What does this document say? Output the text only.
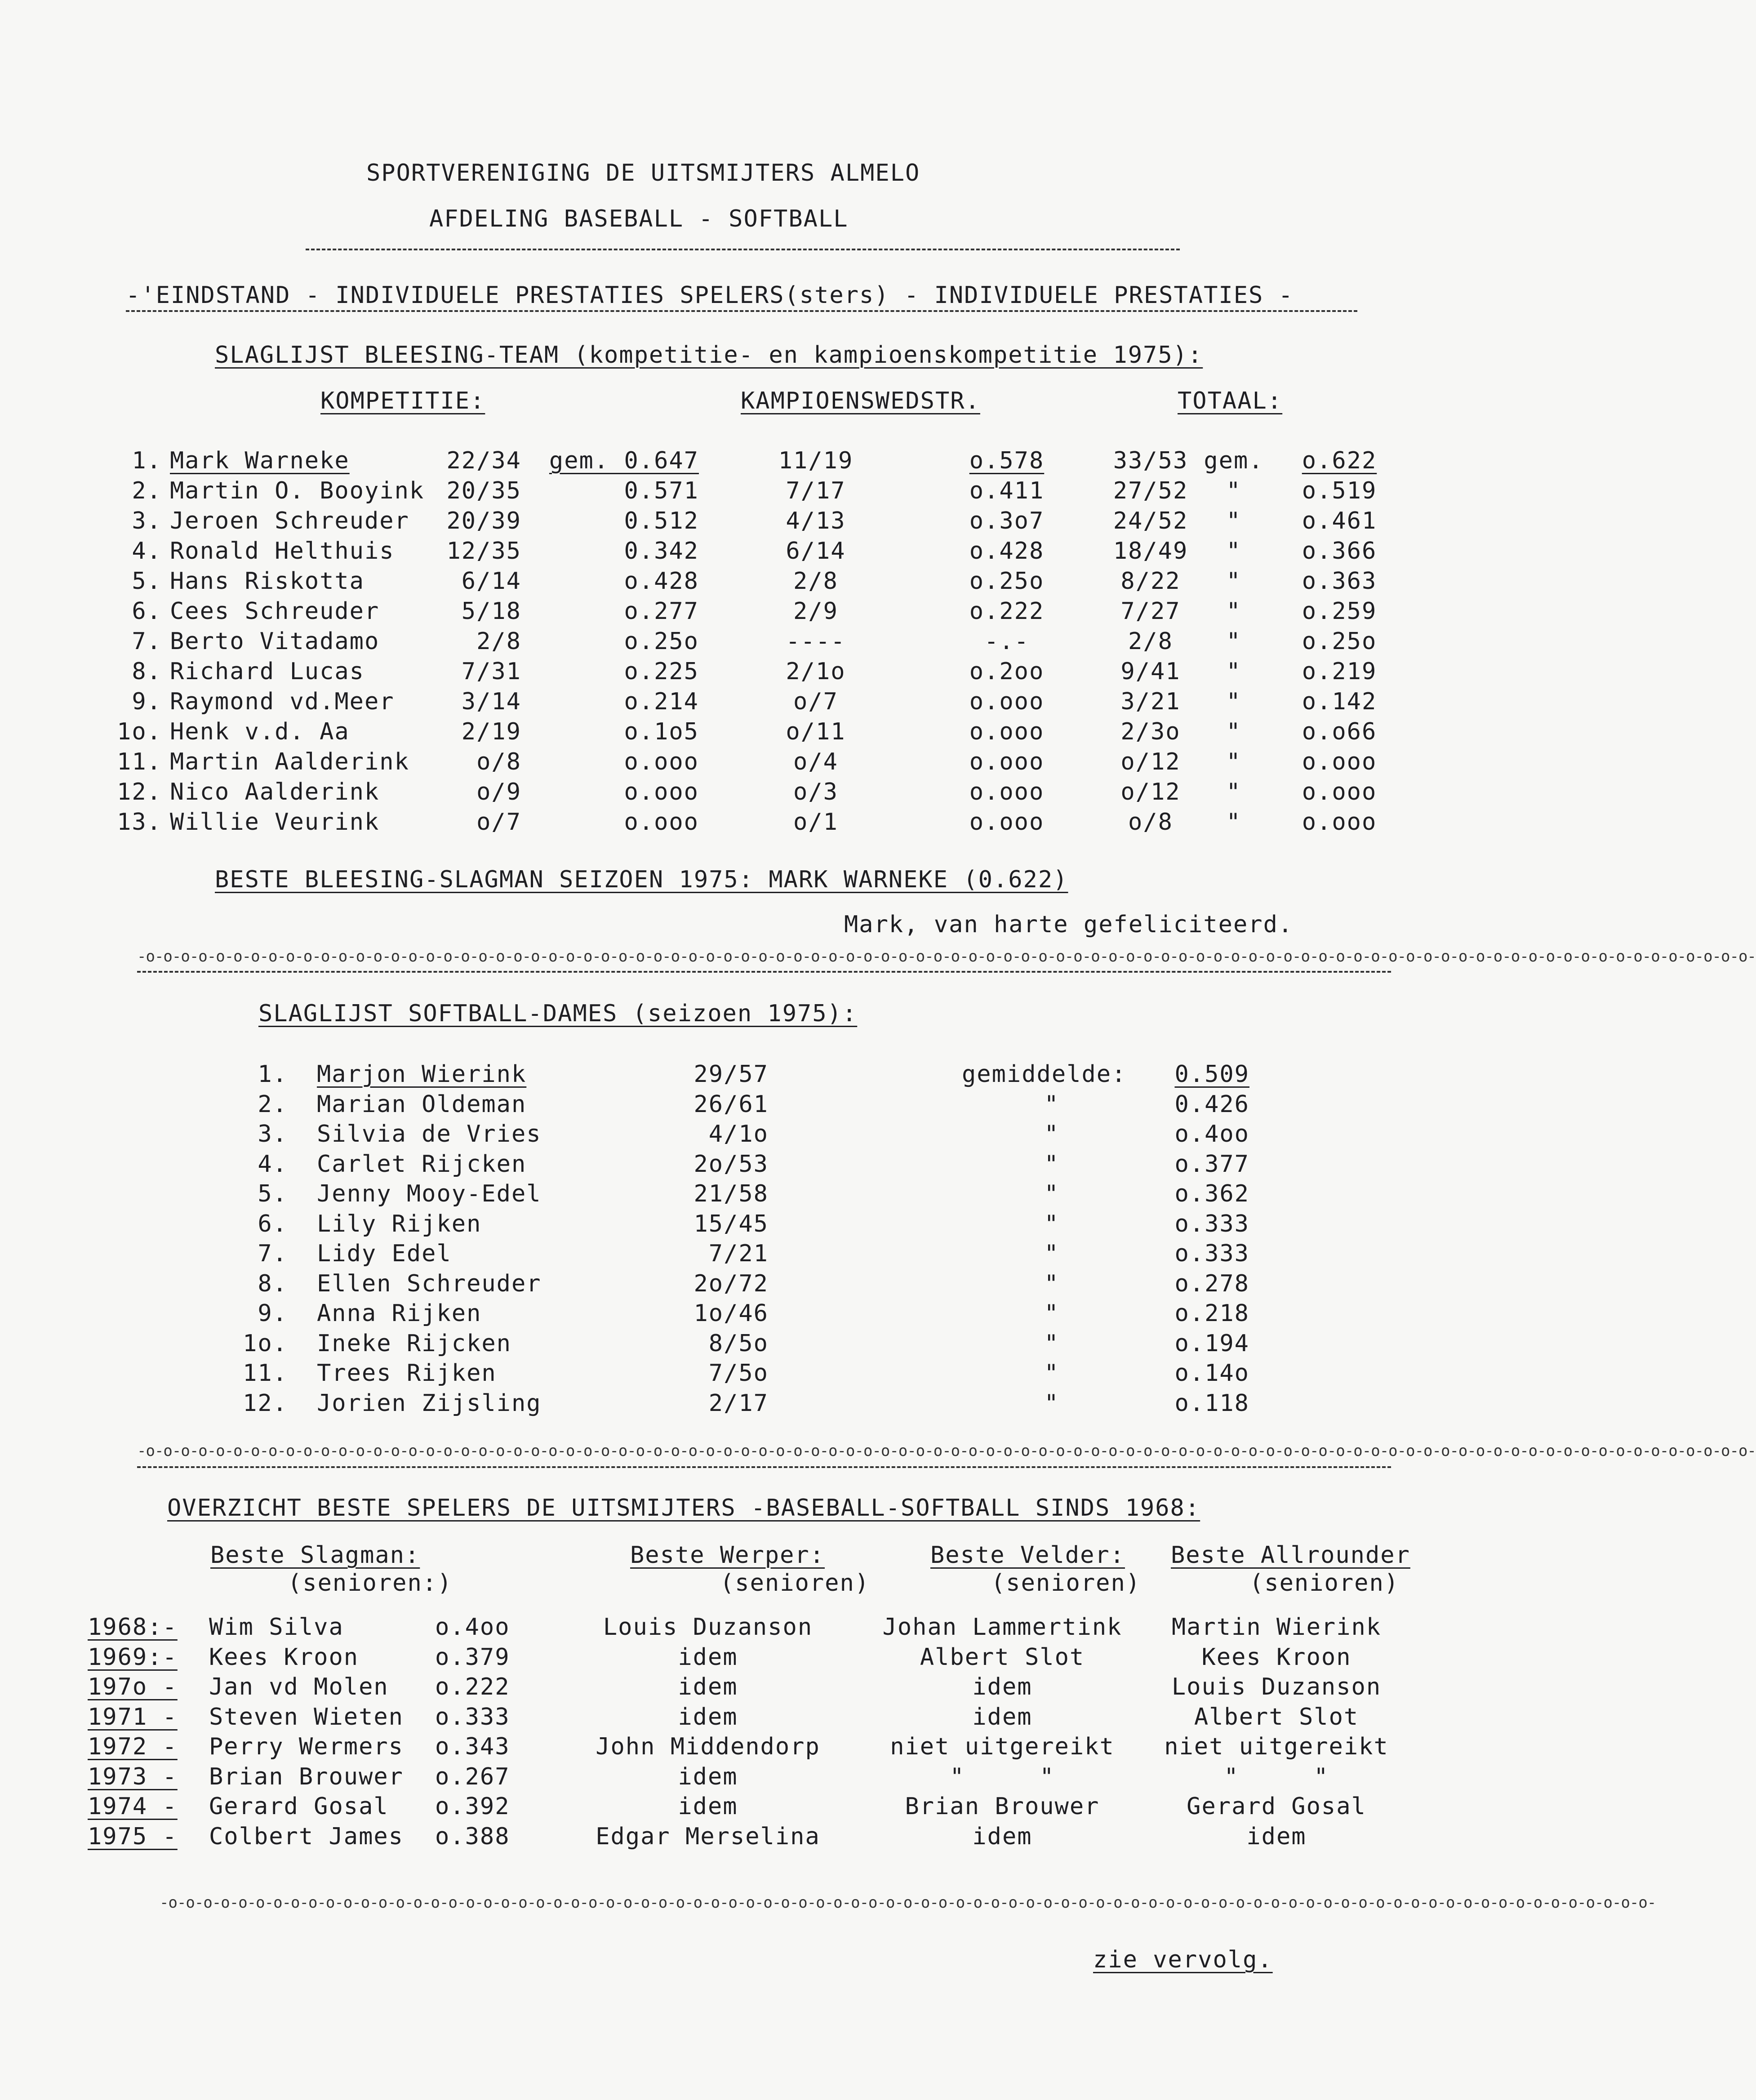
SPORTVERENIGING DE UITSMIJTERS ALMELO
AFDELING BASEBALL - SOFTBALL
-'EINDSTAND - INDIVIDUELE PRESTATIES SPELERS(sters) - INDIVIDUELE PRESTATIES -
SLAGLIJST BLEESING-TEAM (kompetitie- en kampioenskompetitie 1975):
KOMPETITIE:	KAMPIOENSWEDSTR.	TOTAAL:
1. Mark Warneke	22/34 gem. 0.647	11/19	o.578	33/53 gem.	o.622
2. Martin O. Booyink 20/35	0.571	7/17	o.411	27/52	"	o.519
3. Jeroen Schreuder	20/39	0.512	4/13	o.3o7	24/52	"	o.461
4. Ronald Helthuis	12/35	0.342	6/14	o.428	18/49	"	o.366
5. Hans Riskotta	6/14	o.428	2/8	o.25o	8/22	"	o.363
6. Cees Schreuder	5/18	o.277	2/9	o.222	7/27	"	o.259
7. Berto Vitadamo	2/8	o.25o	----	-.-	2/8	"	o.25o
8. Richard Lucas	7/31	o.225	2/1o	o.2oo	9/41	"	o.219
9. Raymond vd.Meer	3/14	o.214	o/7	o.ooo	3/21	"	o.142
1o. Henk v.d. Aa	2/19	o.1o5	o/11	o.ooo	2/3o	"	o.o66
11. Martin Aalderink	o/8	o.ooo	o/4	o.ooo	o/12	"	o.ooo
12. Nico Aalderink	o/9	o.ooo	o/3	o.ooo	o/12	"	o.ooo
13. Willie Veurink	o/7	o.ooo	o/1	o.ooo	o/8	"	o.ooo
BESTE BLEESING-SLAGMAN SEIZOEN 1975: MARK WARNEKE (0.622)
Mark, van harte gefeliciteerd.
-o-o-o-o-o-o-o-o-o-o-o-o-o-o-o-o-o-o-o-o-o-o-o-o-o-o-o-o-o-o-o-o-o-o-o-o-o-o-o-o-o-o-o-o-o-o-o-o-o-o-o-o-o-o-o-o-o-o-o-o-o-o-o-o-o-o-o-o-o-o-o-o-o-o-o-o-o-o-o-o-o-o-o-o-o-o-o-o-o-o-o-o-
SLAGLIJST SOFTBALL-DAMES (seizoen 1975):
1. Marjon Wierink	29/57	gemiddelde:	0.509
2. Marian Oldeman	26/61	"	0.426
3. Silvia de Vries	4/1o	"	o.4oo
4. Carlet Rijcken	2o/53	"	o.377
5. Jenny Mooy-Edel	21/58	"	o.362
6. Lily Rijken	15/45	"	o.333
7. Lidy Edel	7/21	"	o.333
8. Ellen Schreuder	2o/72	"	o.278
9. Anna Rijken	1o/46	"	o.218
1o. Ineke Rijcken	8/5o	"	o.194
11. Trees Rijken	7/5o	"	o.14o
12. Jorien Zijsling	2/17	"	o.118
-o-o-o-o-o-o-o-o-o-o-o-o-o-o-o-o-o-o-o-o-o-o-o-o-o-o-o-o-o-o-o-o-o-o-o-o-o-o-o-o-o-o-o-o-o-o-o-o-o-o-o-o-o-o-o-o-o-o-o-o-o-o-o-o-o-o-o-o-o-o-o-o-o-o-o-o-o-o-o-o-o-o-o-o-o-o-o-o-o-o-o-o-
OVERZICHT BESTE SPELERS DE UITSMIJTERS -BASEBALL-SOFTBALL SINDS 1968:
Beste Slagman:
(senioren:)
Beste Werper:
(senioren)
Beste Velder:
(senioren)
Beste Allrounder
(senioren)
1968:- Wim Silva	o.4oo	Louis Duzanson	Johan Lammertink	Martin Wierink
1969:- Kees Kroon	o.379	idem	Albert Slot	Kees Kroon
197o - Jan vd Molen o.222	idem	idem	Louis Duzanson
1971 - Steven Wieten o.333	idem	idem	Albert Slot
1972 - Perry Wermers o.343	John Middendorp	niet uitgereikt	niet uitgereikt
1973 - Brian Brouwer o.267	idem	"     "	"     "
1974 - Gerard Gosal o.392	idem	Brian Brouwer	Gerard Gosal
1975 - Colbert James o.388	Edgar Merselina	idem	idem
-o-o-o-o-o-o-o-o-o-o-o-o-o-o-o-o-o-o-o-o-o-o-o-o-o-o-o-o-o-o-o-o-o-o-o-o-o-o-o-o-o-o-o-o-o-o-o-o-o-o-o-o-o-o-o-o-o-o-o-o-o-o-o-o-o-o-o-o-o-o-o-o-o-o-o-o-o-o-o-o-o-o-o-o-o-
zie vervolg.
